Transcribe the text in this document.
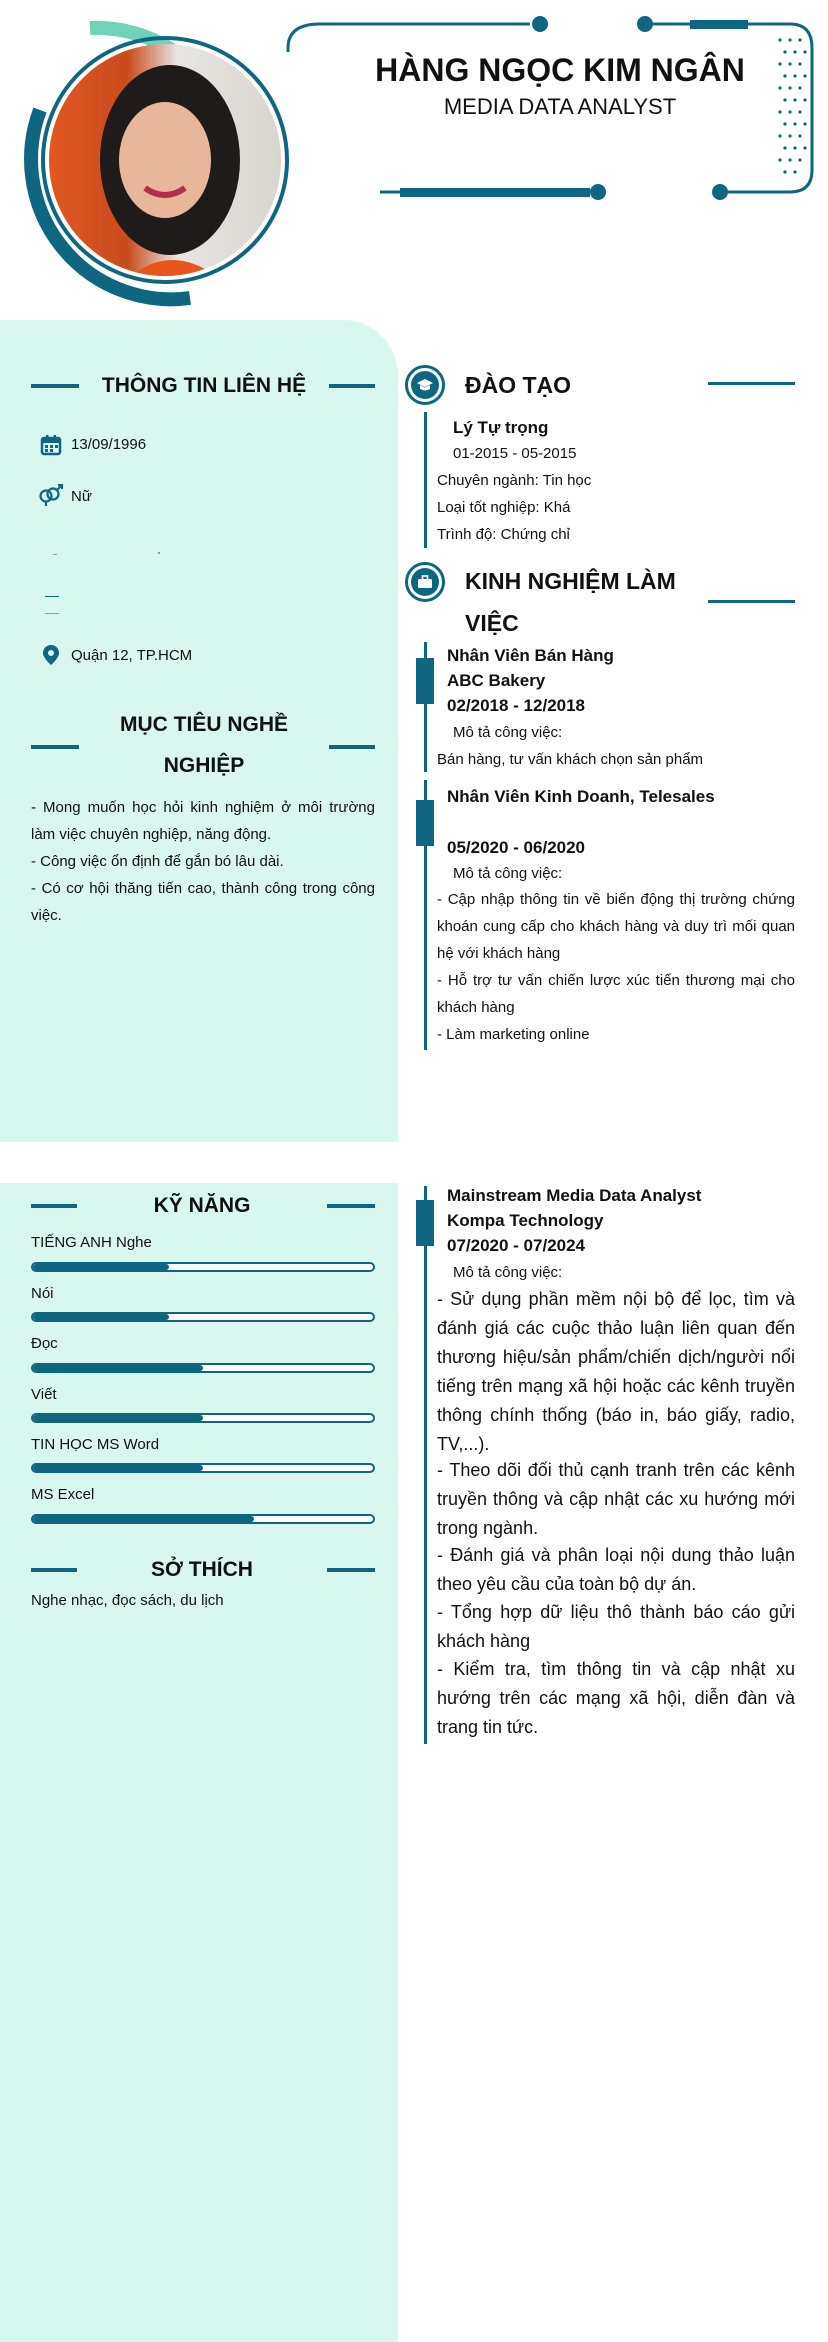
HÀNG NGỌC KIM NGÂN
MEDIA DATA ANALYST
THÔNG TIN LIÊN HỆ
13/09/1996
Nữ
Quận 12, TP.HCM
MỤC TIÊU NGHỀ
NGHIỆP
- Mong muốn học hỏi kinh nghiệm ở môi trường làm việc chuyên nghiệp, năng động.
- Công việc ổn định để gắn bó lâu dài.
- Có cơ hội thăng tiến cao, thành công trong công việc.
ĐÀO TẠO
Lý Tự trọng
01-2015 - 05-2015
Chuyên ngành: Tin học
Loại tốt nghiệp: Khá
Trình độ: Chứng chỉ
KINH NGHIỆM LÀM
VIỆC
Nhân Viên Bán Hàng
ABC Bakery
02/2018 - 12/2018
Mô tả công việc:
Bán hàng, tư vấn khách chọn sản phẩm
Nhân Viên Kinh Doanh, Telesales
05/2020 - 06/2020
Mô tả công việc:
- Cập nhập thông tin về biến động thị trường chứng khoán cung cấp cho khách hàng và duy trì mối quan hệ với khách hàng
- Hỗ trợ tư vấn chiến lược xúc tiến thương mại cho khách hàng
- Làm marketing online
KỸ NĂNG
TIẾNG ANH Nghe
Nói
Đọc
Viết
TIN HỌC MS Word
MS Excel
SỞ THÍCH
Nghe nhạc, đọc sách, du lịch
Mainstream Media Data Analyst
Kompa Technology
07/2020 - 07/2024
Mô tả công việc:
- Sử dụng phần mềm nội bộ để lọc, tìm và đánh giá các cuộc thảo luận liên quan đến thương hiệu/sản phẩm/chiến dịch/người nổi tiếng trên mạng xã hội hoặc các kênh truyền thông chính thống (báo in, báo giấy, radio, TV,...).
- Theo dõi đối thủ cạnh tranh trên các kênh truyền thông và cập nhật các xu hướng mới trong ngành.
- Đánh giá và phân loại nội dung thảo luận theo yêu cầu của toàn bộ dự án.
- Tổng hợp dữ liệu thô thành báo cáo gửi khách hàng
- Kiểm tra, tìm thông tin và cập nhật xu hướng trên các mạng xã hội, diễn đàn và trang tin tức.
